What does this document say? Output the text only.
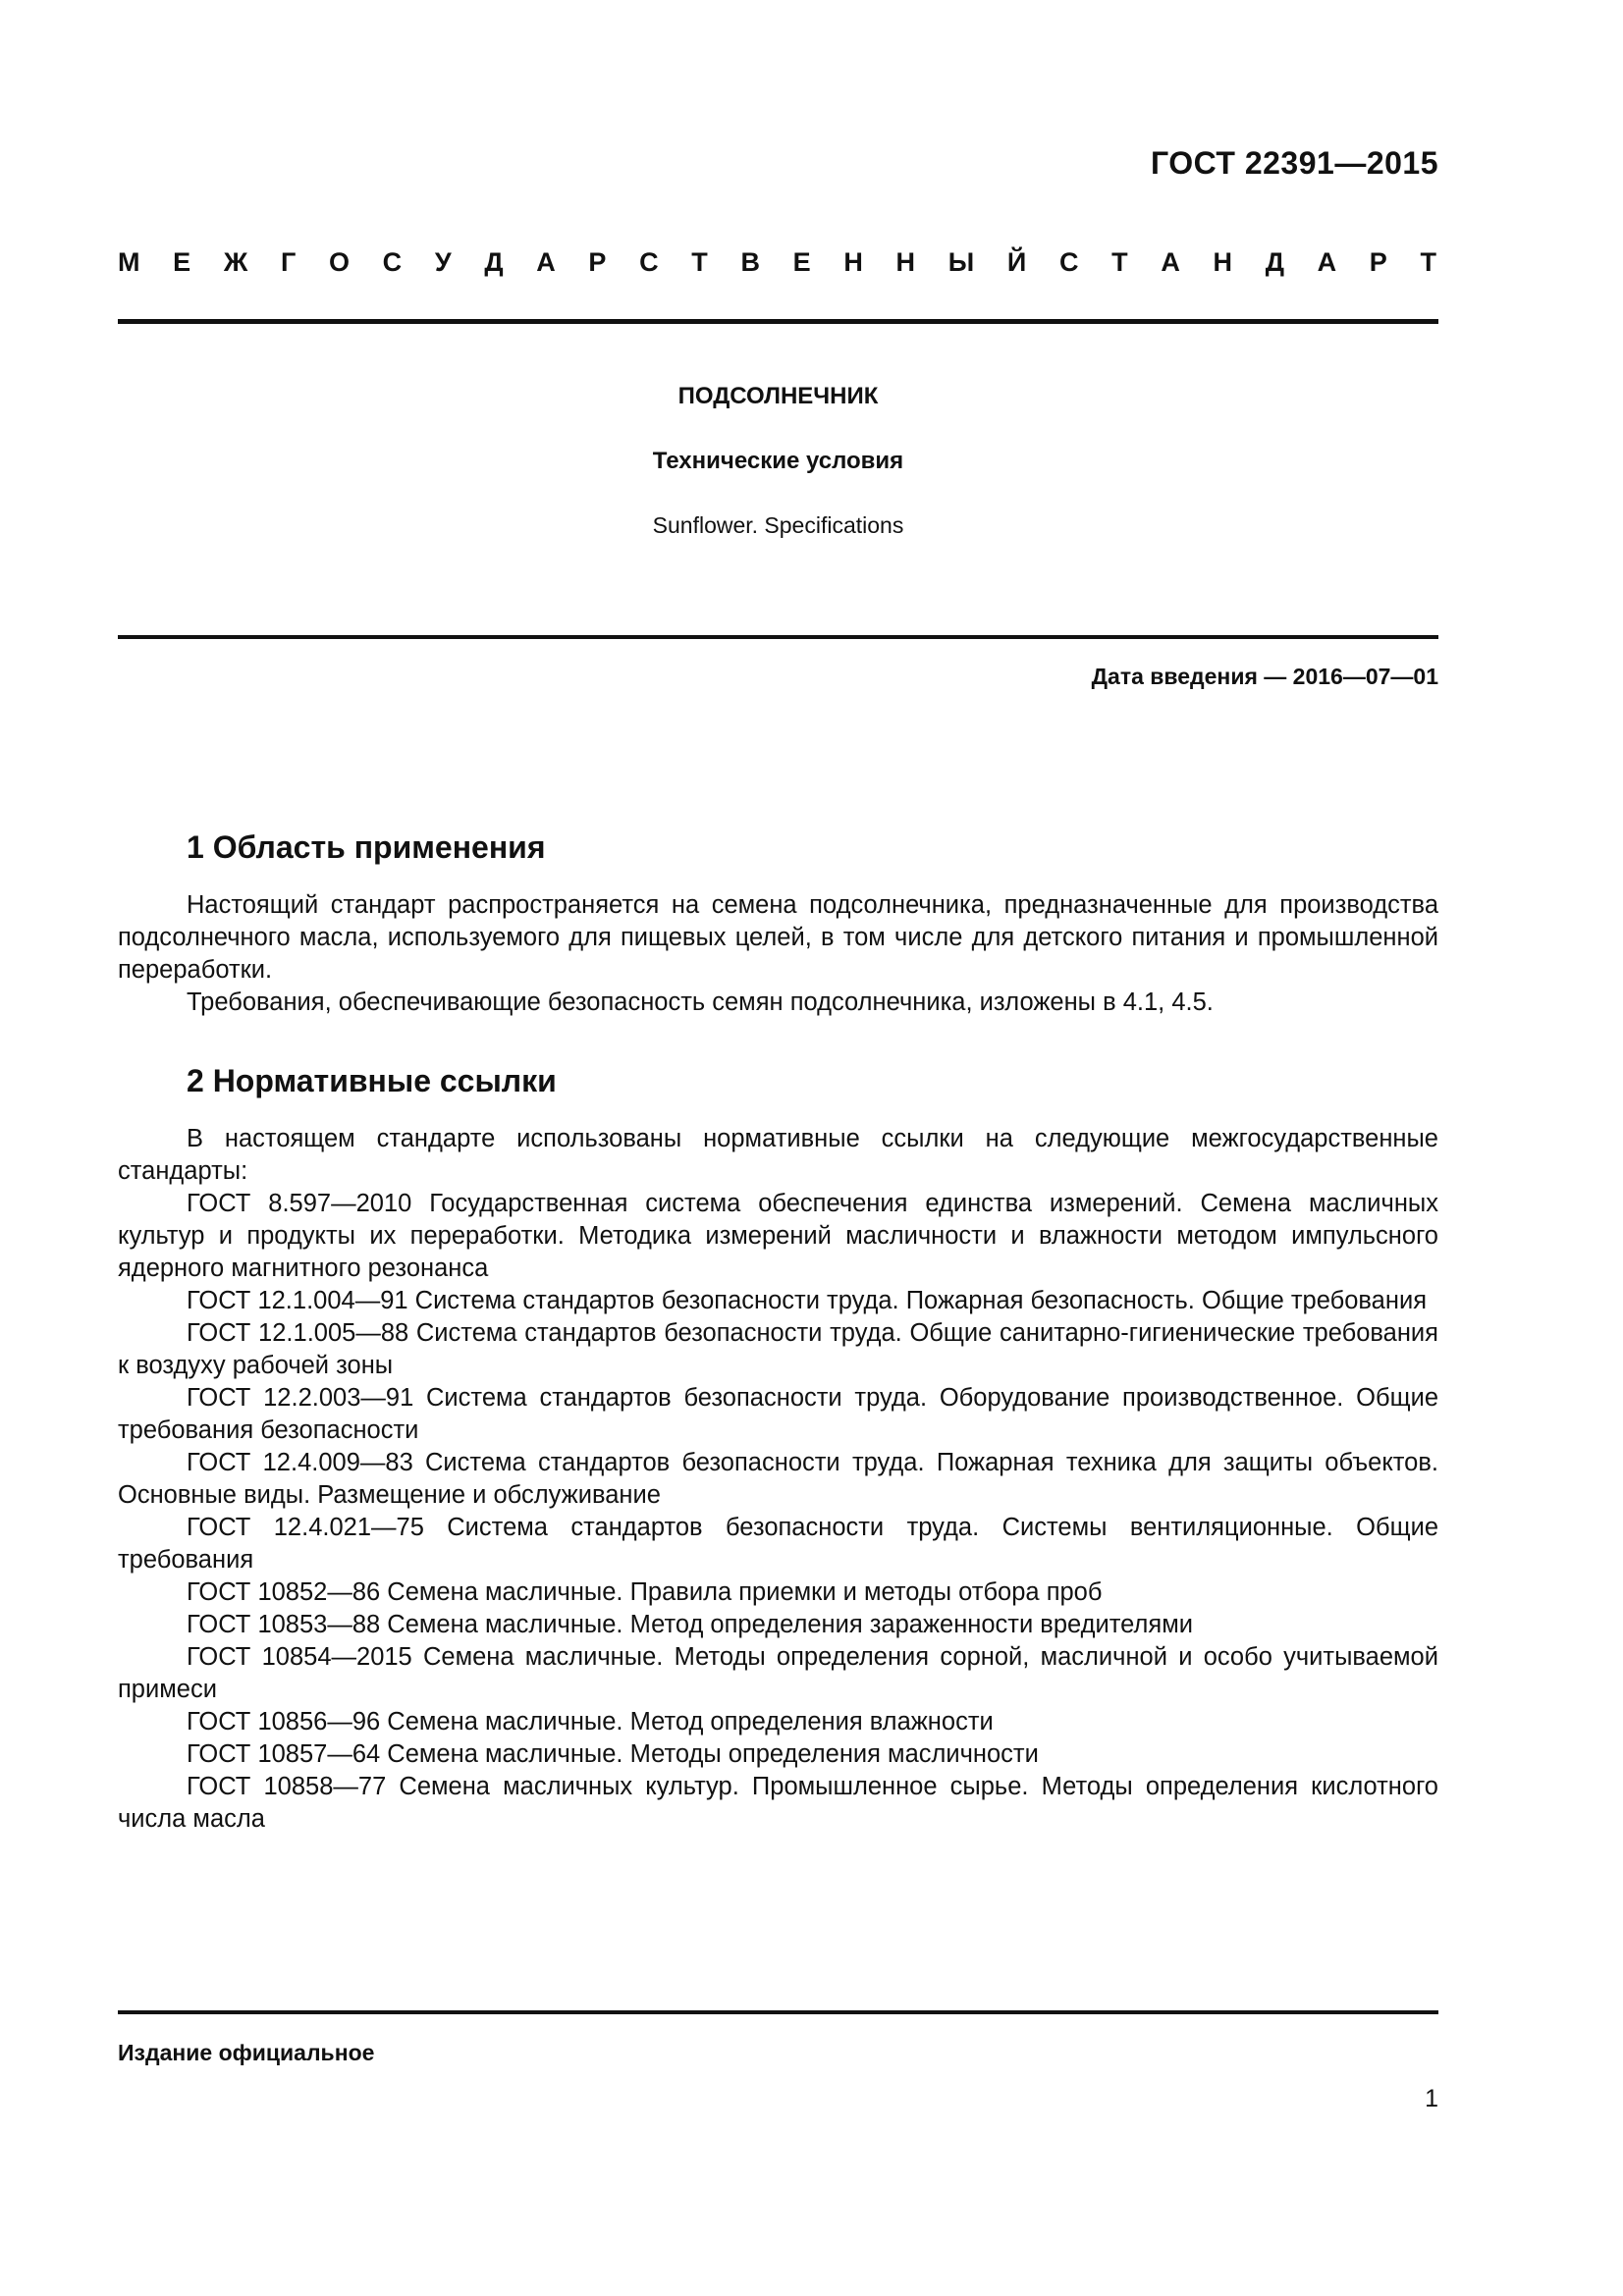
ГОСТ 22391—2015
М Е Ж Г О С У Д А Р С Т В Е Н Н Ы Й С Т А Н Д А Р Т
ПОДСОЛНЕЧНИК
Технические условия
Sunflower. Specifications
Дата введения — 2016—07—01
1 Область применения

Настоящий стандарт распространяется на семена подсолнечника, предназначенные для производства подсолнечного масла, используемого для пищевых целей, в том числе для детского питания и промышленной переработки.

Требования, обеспечивающие безопасность семян подсолнечника, изложены в 4.1, 4.5.

2 Нормативные ссылки

В настоящем стандарте использованы нормативные ссылки на следующие межгосударственные стандарты:

ГОСТ 8.597—2010 Государственная система обеспечения единства измерений. Семена масличных культур и продукты их переработки. Методика измерений масличности и влажности методом импульсного ядерного магнитного резонанса

ГОСТ 12.1.004—91 Система стандартов безопасности труда. Пожарная безопасность. Общие требования

ГОСТ 12.1.005—88 Система стандартов безопасности труда. Общие санитарно-гигиенические требования к воздуху рабочей зоны

ГОСТ 12.2.003—91 Система стандартов безопасности труда. Оборудование производственное. Общие требования безопасности

ГОСТ 12.4.009—83 Система стандартов безопасности труда. Пожарная техника для защиты объектов. Основные виды. Размещение и обслуживание

ГОСТ 12.4.021—75 Система стандартов безопасности труда. Системы вентиляционные. Общие требования

ГОСТ 10852—86 Семена масличные. Правила приемки и методы отбора проб

ГОСТ 10853—88 Семена масличные. Метод определения зараженности вредителями

ГОСТ 10854—2015 Семена масличные. Методы определения сорной, масличной и особо учитываемой примеси

ГОСТ 10856—96 Семена масличные. Метод определения влажности

ГОСТ 10857—64 Семена масличные. Методы определения масличности

ГОСТ 10858—77 Семена масличных культур. Промышленное сырье. Методы определения кислотного числа масла

Издание официальное
1
